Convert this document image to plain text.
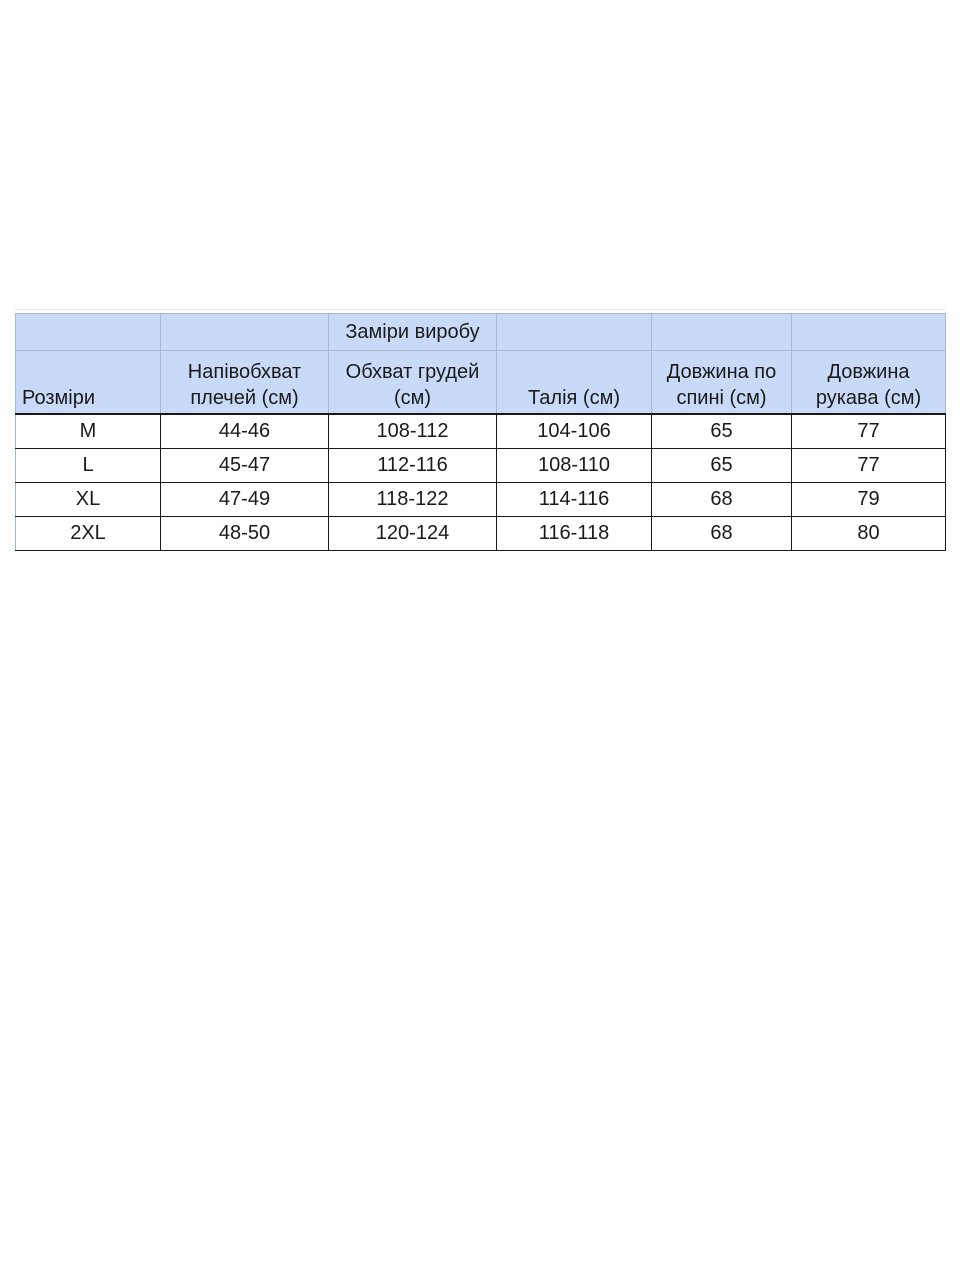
		Заміри виробу			
Розміри	Напівобхват плечей (см)	Обхват грудей (см)	Талія (см)	Довжина по спині (см)	Довжина рукава (см)
M	44-46	108-112	104-106	65	77
L	45-47	112-116	108-110	65	77
XL	47-49	118-122	114-116	68	79
2XL	48-50	120-124	116-118	68	80
